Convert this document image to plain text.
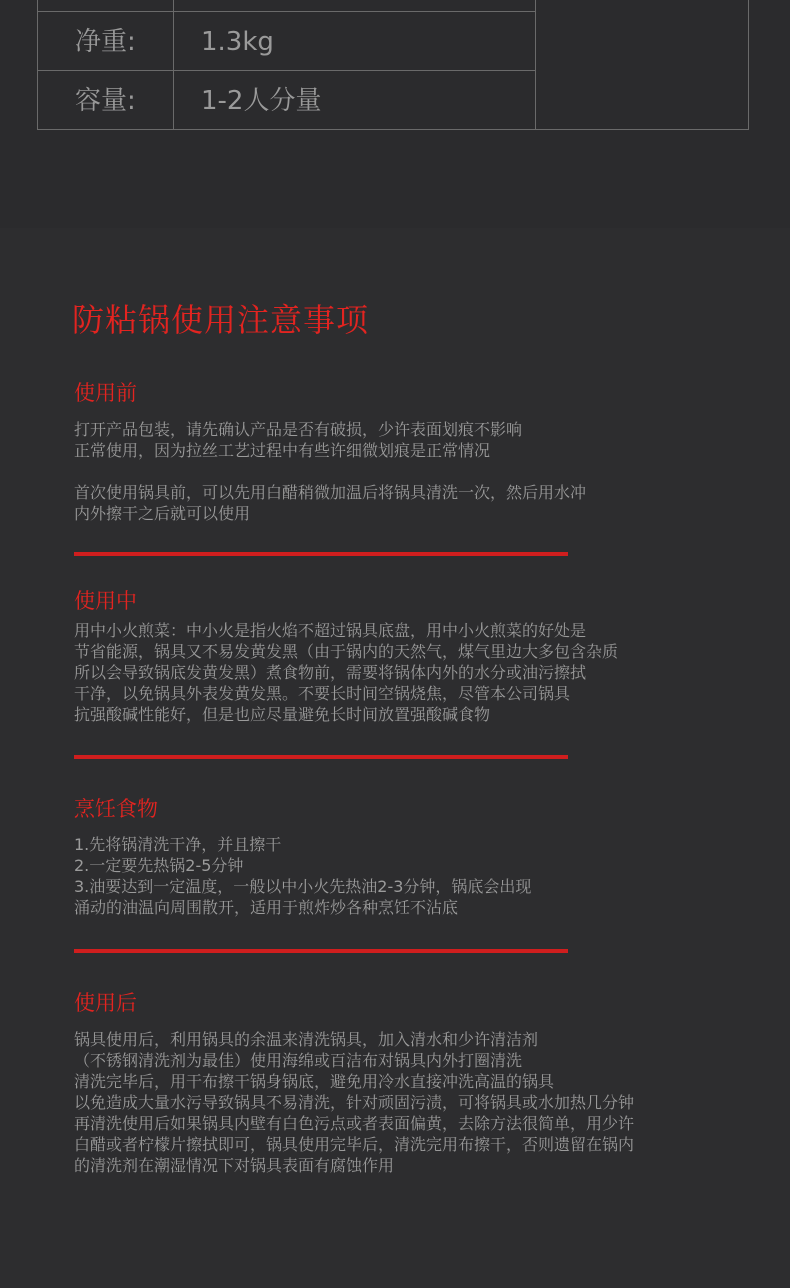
净重:	1.3kg
容量:	1-2人分量
防粘锅使用注意事项
使用前

打开产品包装，请先确认产品是否有破损，少许表面划痕不影响
正常使用，因为拉丝工艺过程中有些许细微划痕是正常情况

首次使用锅具前，可以先用白醋稍微加温后将锅具清洗一次，然后用水冲
内外擦干之后就可以使用

使用中

用中小火煎菜：中小火是指火焰不超过锅具底盘，用中小火煎菜的好处是
节省能源，锅具又不易发黄发黑（由于锅内的天然气，煤气里边大多包含杂质
所以会导致锅底发黄发黑）煮食物前，需要将锅体内外的水分或油污擦拭
干净，以免锅具外表发黄发黑。不要长时间空锅烧焦，尽管本公司锅具
抗强酸碱性能好，但是也应尽量避免长时间放置强酸碱食物

烹饪食物

1.先将锅清洗干净，并且擦干
2.一定要先热锅2-5分钟
3.油要达到一定温度，一般以中小火先热油2-3分钟，锅底会出现
涌动的油温向周围散开，适用于煎炸炒各种烹饪不沾底

使用后

锅具使用后，利用锅具的余温来清洗锅具，加入清水和少许清洁剂
（不锈钢清洗剂为最佳）使用海绵或百洁布对锅具内外打圈清洗
清洗完毕后，用干布擦干锅身锅底，避免用冷水直接冲洗高温的锅具
以免造成大量水污导致锅具不易清洗，针对顽固污渍，可将锅具或水加热几分钟
再清洗使用后如果锅具内壁有白色污点或者表面偏黄，去除方法很简单，用少许
白醋或者柠檬片擦拭即可，锅具使用完毕后，清洗完用布擦干，否则遗留在锅内
的清洗剂在潮湿情况下对锅具表面有腐蚀作用
